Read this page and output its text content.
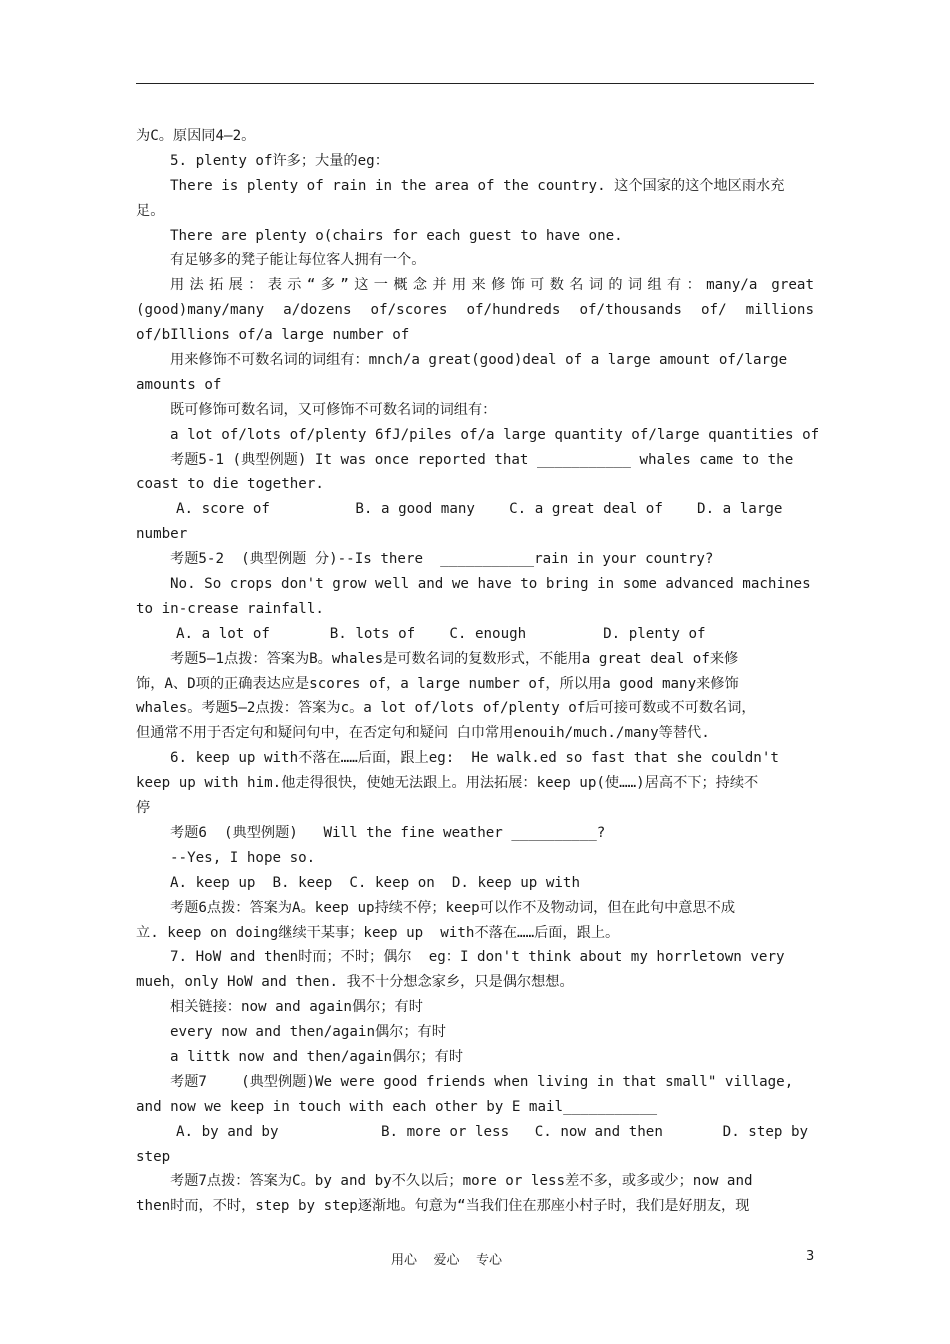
为C。原因同4—2。
5. plenty of许多；大量的eg：
There is plenty of rain in the area of the country. 这个国家的这个地区雨水充
足。
There are plenty o(chairs for each guest to have one.
有足够多的凳子能让每位客人拥有一个。
用法拓展：表示“多”这一概念并用来修饰可数名词的词组有：many/a great
(good)many/many a/dozens of/scores of/hundreds of/thousands of/ millions
of/bIllions of/a large number of
用来修饰不可数名词的词组有：mnch/a great(good)deal of a large amount of/large
amounts of
既可修饰可数名词，又可修饰不可数名词的词组有：
a lot of/lots of/plenty 6fJ/piles of/a large quantity of/large quantities of
考题5-1 (典型例题) It was once reported that ___________ whales came to the
coast to die together.
A. score of          B. a good many    C. a great deal of    D. a large
number
考题5-2  (典型例题 分)--Is there  ___________rain in your country?
No. So crops don't grow well and we have to bring in some advanced machines
to in-crease rainfall.
A. a lot of       B. lots of    C. enough         D. plenty of
考题5—1点拨：答案为B。whales是可数名词的复数形式，不能用a great deal of来修
饰，A、D项的正确表达应是scores of，a large number of，所以用a good many来修饰
whales。考题5—2点拨：答案为c。a lot of/lots of/plenty of后可接可数或不可数名词，
但通常不用于否定句和疑问句中，在否定句和疑问 白巾常用enouih/much./many等替代.
6. keep up with不落在……后面，跟上eg:  He walk.ed so fast that she couldn't
keep up with him.他走得很快，使她无法跟上。用法拓展：keep up(使……)居高不下；持续不
停
考题6  (典型例题)   Will the fine weather __________?
--Yes, I hope so.
A. keep up  B. keep  C. keep on  D. keep up with
考题6点拨：答案为A。keep up持续不停；keep可以作不及物动词，但在此句中意思不成
立. keep on doing继续干某事；keep up  with不落在……后面，跟上。
7. HoW and then时而；不时；偶尔  eg：I don't think about my horrletown very
mueh，only HoW and then. 我不十分想念家乡，只是偶尔想想。
相关链接：now and again偶尔；有时
every now and then/again偶尔；有时
a littk now and then/again偶尔；有时
考题7    (典型例题)We were good friends when living in that small" village,
and now we keep in touch with each other by E mail___________
A. by and by            B. more or less   C. now and then       D. step by
step
考题7点拨：答案为C。by and by不久以后；more or less差不多，或多或少；now and
then时而，不时，step by step逐渐地。句意为“当我们住在那座小村子时，我们是好朋友，现
用心    爱心    专心	3
